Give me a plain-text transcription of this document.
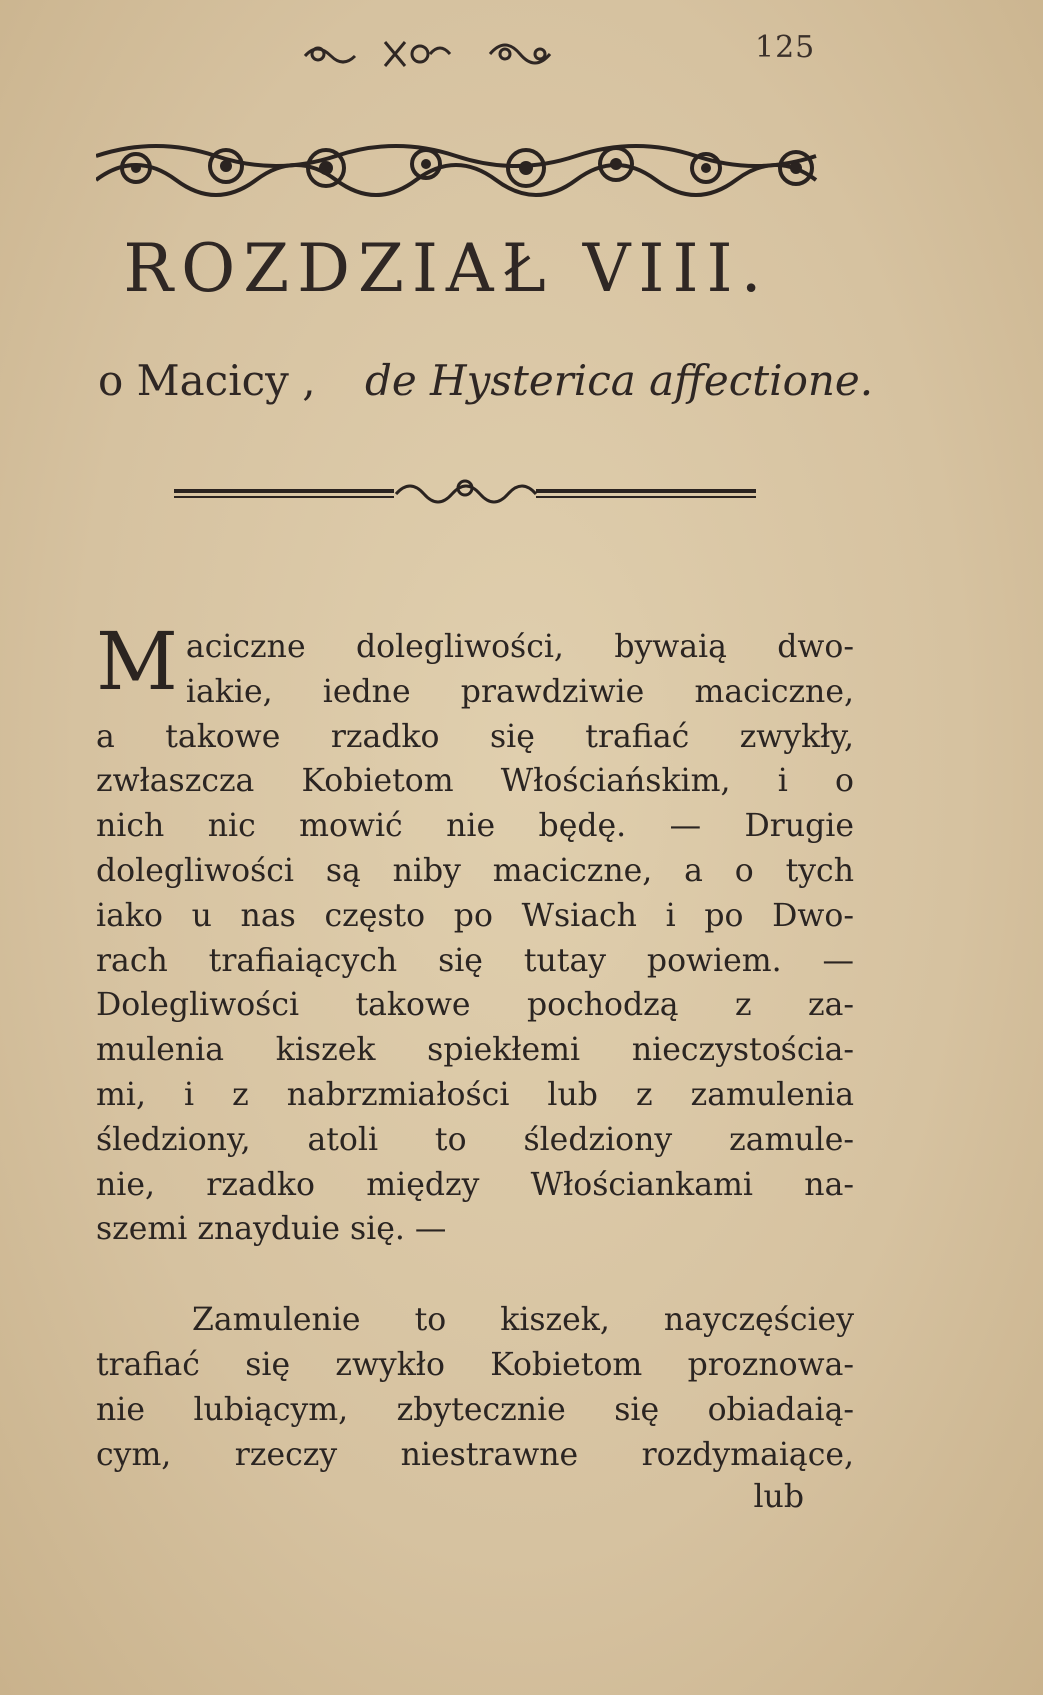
125
ROZDZIAŁ VIII.
o Macicy , de Hysterica affectione.
M aciczne dolegliwości, bywaią dwo-
iakie, iedne prawdziwie maciczne,
a takowe rzadko się trafiać zwykły,
zwłaszcza Kobietom Włościańskim, i o
nich nic mowić nie będę. — Drugie
dolegliwości są niby maciczne, a o tych
iako u nas często po Wsiach i po Dwo-
rach trafiaiących się tutay powiem. —
Dolegliwości takowe pochodzą z za-
mulenia kiszek spiekłemi nieczystościa-
mi, i z nabrzmiałości lub z zamulenia
śledziony, atoli to śledziony zamule-
nie, rzadko między Włościankami na-
szemi znayduie się. —
Zamulenie to kiszek, nayczęściey
trafiać się zwykło Kobietom proznowa-
nie lubiącym, zbytecznie się obiadaią-
cym, rzeczy niestrawne rozdymaiące,
lub
